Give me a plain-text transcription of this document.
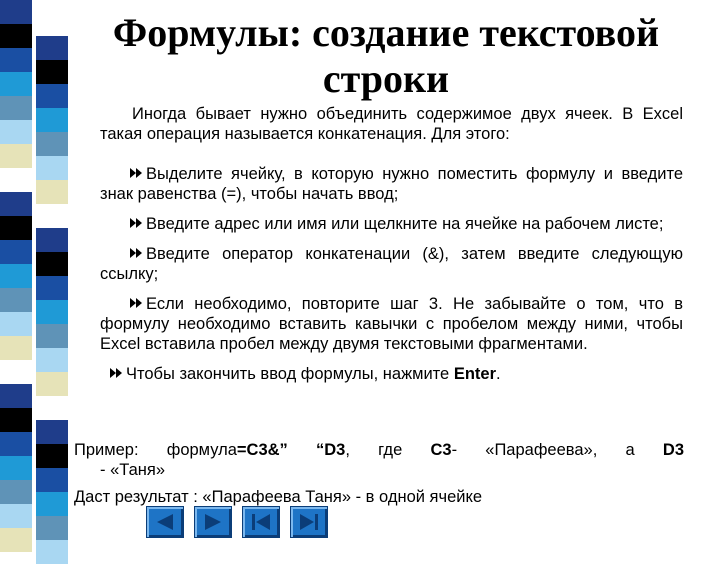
Формулы: создание текстовой
строки

Иногда бывает нужно объединить содержимое двух ячеек. В Excel такая операция называется конкатенация. Для этого:

Выделите ячейку, в которую нужно поместить формулу и введите знак равенства (=), чтобы начать ввод;

Введите адрес или имя или щелкните на ячейке на рабочем листе;

Введите оператор конкатенации (&), затем введите следующую ссылку;

Если необходимо, повторите шаг 3. Не забывайте о том, что в формулу необходимо вставить кавычки с пробелом между ними, чтобы Excel вставила пробел между двумя текстовыми фрагментами.

Чтобы закончить ввод формулы, нажмите Enter.

Пример: формула=C3&” “D3, где C3- «Парафеева», а D3
- «Таня»
Даст результат : «Парафеева Таня» - в одной ячейке
